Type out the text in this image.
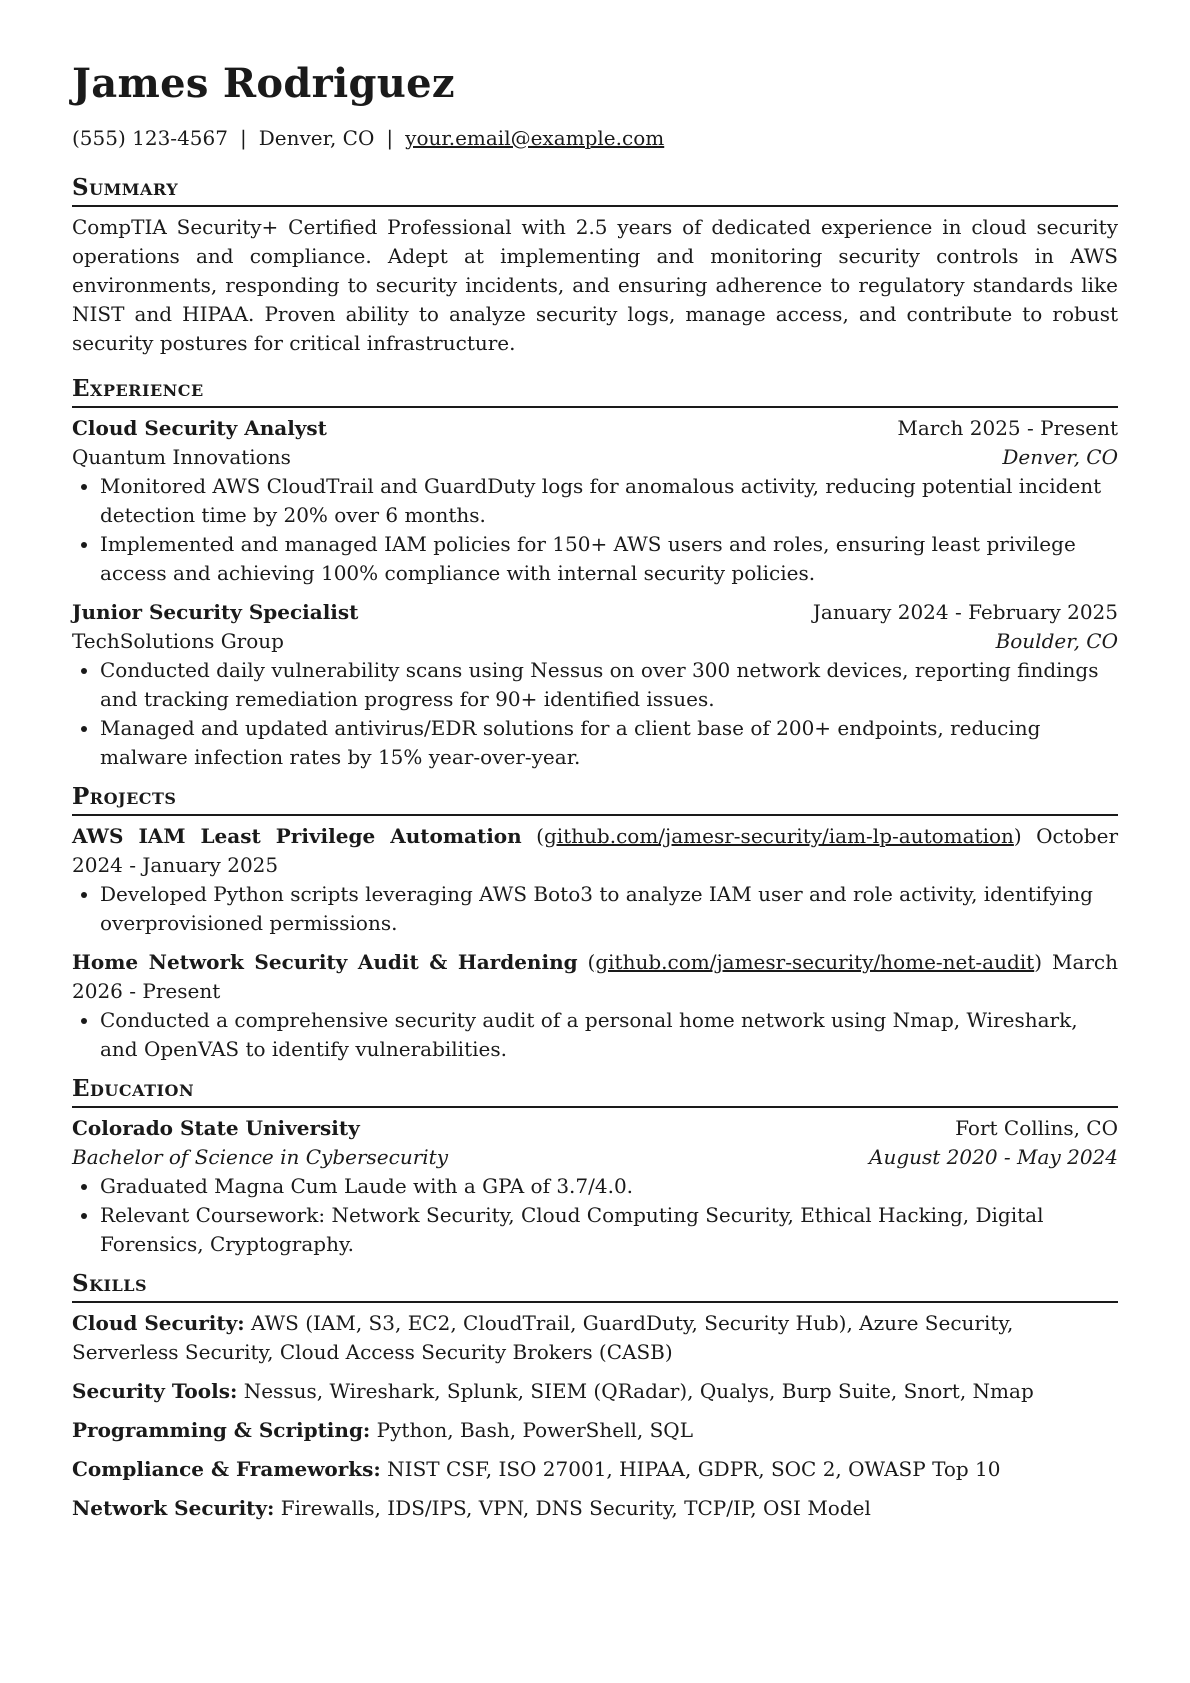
James Rodriguez
(555) 123-4567 | Denver, CO | your.email@example.com
Summary
CompTIA Security+ Certified Professional with 2.5 years of dedicated experience in cloud security operations and compliance. Adept at implementing and monitoring security controls in AWS environments, responding to security incidents, and ensuring adherence to regulatory standards like NIST and HIPAA. Proven ability to analyze security logs, manage access, and contribute to robust security postures for critical infrastructure.
Experience
Cloud Security Analyst	March 2025 - Present
Quantum Innovations	Denver, CO
Monitored AWS CloudTrail and GuardDuty logs for anomalous activity, reducing potential incident detection time by 20% over 6 months.
Implemented and managed IAM policies for 150+ AWS users and roles, ensuring least privilege access and achieving 100% compliance with internal security policies.
Junior Security Specialist	January 2024 - February 2025
TechSolutions Group	Boulder, CO
Conducted daily vulnerability scans using Nessus on over 300 network devices, reporting findings and tracking remediation progress for 90+ identified issues.
Managed and updated antivirus/EDR solutions for a client base of 200+ endpoints, reducing malware infection rates by 15% year-over-year.
Projects
AWS IAM Least Privilege Automation (github.com/jamesr-security/iam-lp-automation) October 2024 - January 2025
Developed Python scripts leveraging AWS Boto3 to analyze IAM user and role activity, identifying overprovisioned permissions.
Home Network Security Audit & Hardening (github.com/jamesr-security/home-net-audit) March 2026 - Present
Conducted a comprehensive security audit of a personal home network using Nmap, Wireshark, and OpenVAS to identify vulnerabilities.
Education
Colorado State University	Fort Collins, CO
Bachelor of Science in Cybersecurity	August 2020 - May 2024
Graduated Magna Cum Laude with a GPA of 3.7/4.0.
Relevant Coursework: Network Security, Cloud Computing Security, Ethical Hacking, Digital Forensics, Cryptography.
Skills
Cloud Security: AWS (IAM, S3, EC2, CloudTrail, GuardDuty, Security Hub), Azure Security, Serverless Security, Cloud Access Security Brokers (CASB)
Security Tools: Nessus, Wireshark, Splunk, SIEM (QRadar), Qualys, Burp Suite, Snort, Nmap
Programming & Scripting: Python, Bash, PowerShell, SQL
Compliance & Frameworks: NIST CSF, ISO 27001, HIPAA, GDPR, SOC 2, OWASP Top 10
Network Security: Firewalls, IDS/IPS, VPN, DNS Security, TCP/IP, OSI Model
